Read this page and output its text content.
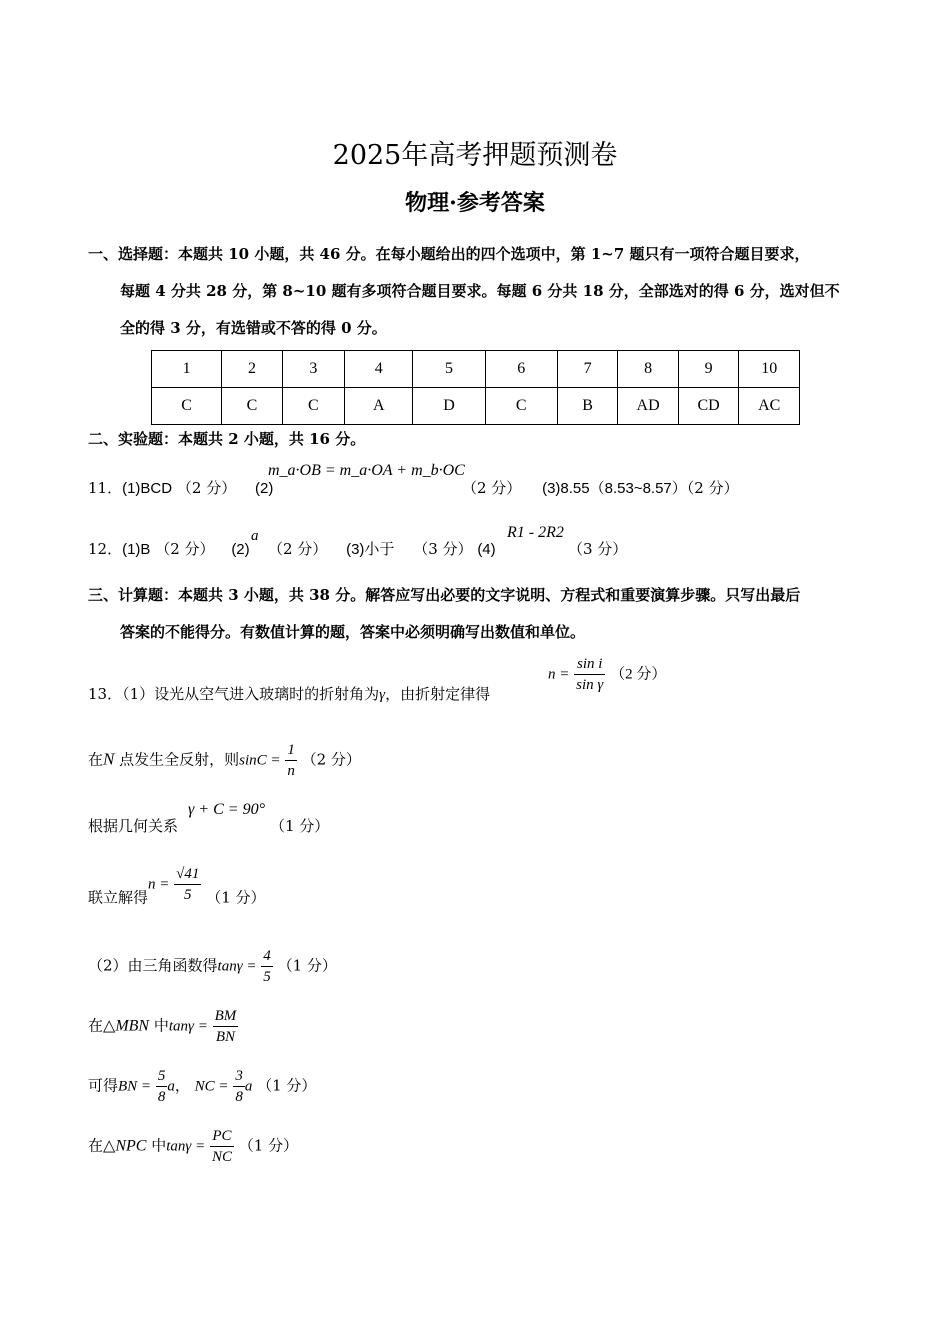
2025年高考押题预测卷
物理·参考答案
一、选择题：本题共 10 小题，共 46 分。在每小题给出的四个选项中，第 1~7 题只有一项符合题目要求，
每题 4 分共 28 分，第 8~10 题有多项符合题目要求。每题 6 分共 18 分，全部选对的得 6 分，选对但不
全的得 3 分，有选错或不答的得 0 分。
1	2	3	4	5	6	7	8	9	10
C	C	C	A	D	C	B	AD	CD	AC
二、实验题：本题共 2 小题，共 16 分。
11．(1)BCD （2 分） (2)
m_a·OB = m_a·OA + m_b·OC
（2 分） (3)8.55（8.53~8.57）（2 分）
12．(1)B （2 分） (2)
a
（2 分） (3)小于 （3 分） (4)
R1 - 2R2
（3 分）
三、计算题：本题共 3 小题，共 38 分。解答应写出必要的文字说明、方程式和重要演算步骤。只写出最后
答案的不能得分。有数值计算的题，答案中必须明确写出数值和单位。
13．（1）设光从空气进入玻璃时的折射角为γ，由折射定律得
$n = \frac{\text{sin i}}{\text{sin γ}} (2$ 分）
在N 点发生全反射，则$\sin C = \frac{1}{n} (2$ 分）
根据几何关系
γ + C = 90°
（1 分）
联立解得$n = \frac{√41}{5} (1$ 分）
（2）由三角函数得$\tan\gamma = \frac{4}{5} (1$ 分）
在△MBN 中$\tan\gamma = \frac{BM}{BN}$
可得BN = $\frac{5}{8}$ a， NC = $\frac{3}{8}$ a （1 分）
在△NPC 中$\tan\gamma = \frac{PC}{NC} (1$ 分）
